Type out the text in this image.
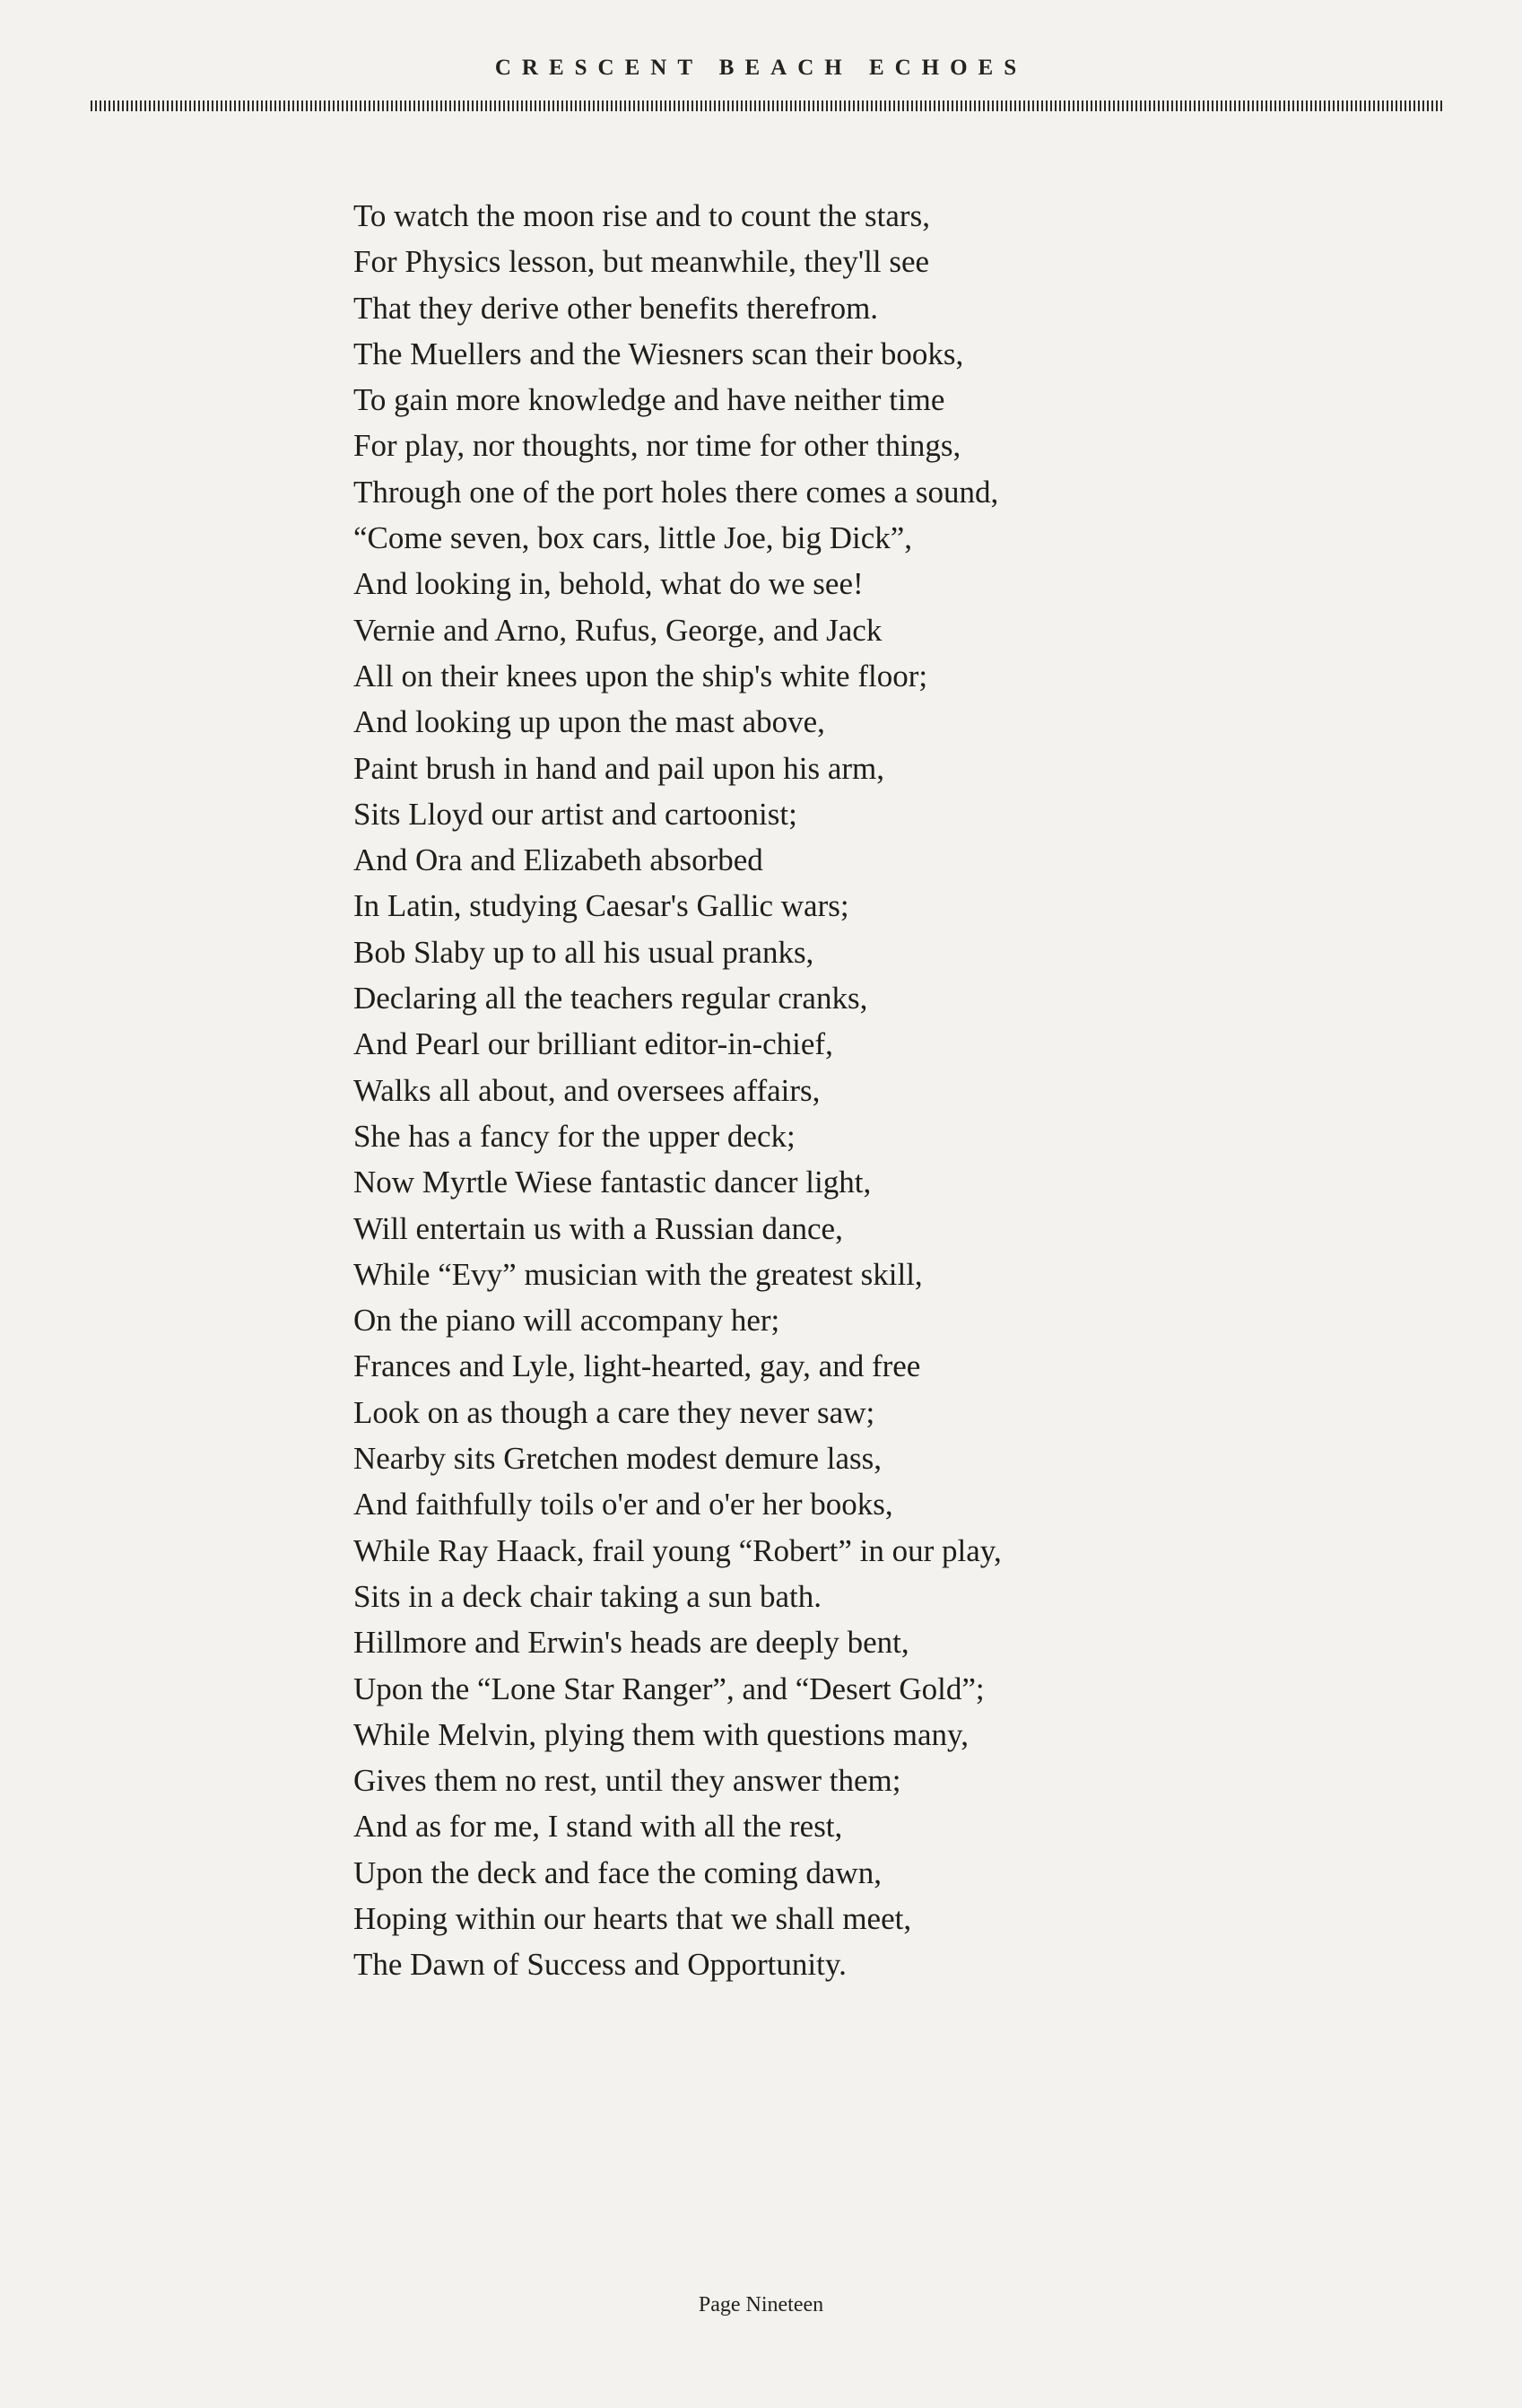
CRESCENT BEACH ECHOES
To watch the moon rise and to count the stars,
For Physics lesson, but meanwhile, they'll see
That they derive other benefits therefrom.
The Muellers and the Wiesners scan their books,
To gain more knowledge and have neither time
For play, nor thoughts, nor time for other things,
Through one of the port holes there comes a sound,
“Come seven, box cars, little Joe, big Dick”,
And looking in, behold, what do we see!
Vernie and Arno, Rufus, George, and Jack
All on their knees upon the ship's white floor;
And looking up upon the mast above,
Paint brush in hand and pail upon his arm,
Sits Lloyd our artist and cartoonist;
And Ora and Elizabeth absorbed
In Latin, studying Caesar's Gallic wars;
Bob Slaby up to all his usual pranks,
Declaring all the teachers regular cranks,
And Pearl our brilliant editor-in-chief,
Walks all about, and oversees affairs,
She has a fancy for the upper deck;
Now Myrtle Wiese fantastic dancer light,
Will entertain us with a Russian dance,
While “Evy” musician with the greatest skill,
On the piano will accompany her;
Frances and Lyle, light-hearted, gay, and free
Look on as though a care they never saw;
Nearby sits Gretchen modest demure lass,
And faithfully toils o'er and o'er her books,
While Ray Haack, frail young “Robert” in our play,
Sits in a deck chair taking a sun bath.
Hillmore and Erwin's heads are deeply bent,
Upon the “Lone Star Ranger”, and “Desert Gold”;
While Melvin, plying them with questions many,
Gives them no rest, until they answer them;
And as for me, I stand with all the rest,
Upon the deck and face the coming dawn,
Hoping within our hearts that we shall meet,
The Dawn of Success and Opportunity.
Page Nineteen
